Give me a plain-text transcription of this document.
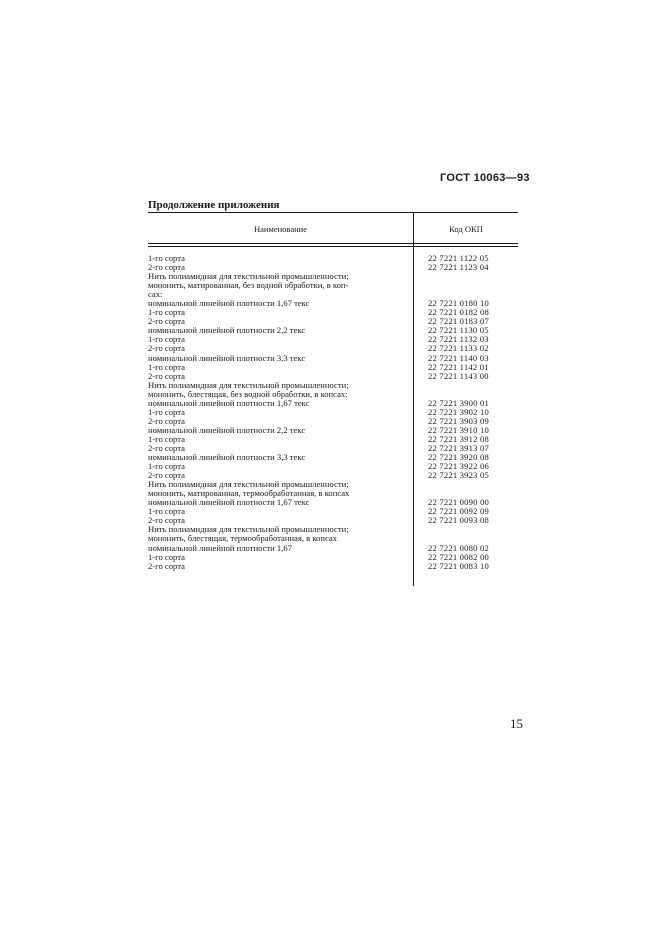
ГОСТ 10063—93
Продолжение приложения
Наименование	Код ОКП
1-го сорта	22 7221 1122 05
2-го сорта	22 7221 1123 04
Нить полиамидная для текстильной промышленности;
мононить, матированная, без водной обработки, в коп-
сах:
номинальной линейной плотности 1,67 текс	22 7221 0180 10
1-го сорта	22 7221 0182 08
2-го сорта	22 7221 0183 07
номинальной линейной плотности 2,2 текс	22 7221 1130 05
1-го сорта	22 7221 1132 03
2-го сорта	22 7221 1133 02
номинальной линейной плотности 3,3 текс	22 7221 1140 03
1-го сорта	22 7221 1142 01
2-го сорта	22 7221 1143 00
Нить полиамидная для текстильной промышленности;
мононить, блестящая, без водной обработки, в копсах:
номинальной линейной плотности 1,67 текс	22 7221 3900 01
1-го сорта	22 7221 3902 10
2-го сорта	22 7221 3903 09
номинальной линейной плотности 2,2 текс	22 7221 3910 10
1-го сорта	22 7221 3912 08
2-го сорта	22 7221 3913 07
номинальной линейной плотности 3,3 текс	22 7221 3920 08
1-го сорта	22 7221 3922 06
2-го сорта	22 7221 3923 05
Нить полиамидная для текстильной промышленности;
мононить, матированная, термообработанная, в копсах
номинальной линейной плотности 1,67 текс	22 7221 0090 00
1-го сорта	22 7221 0092 09
2-го сорта	22 7221 0093 08
Нить полиамидная для текстильной промышленности;
мононить, блестящая, термообработанная, в копсах
номинальной линейной плотности 1,67	22 7221 0080 02
1-го сорта	22 7221 0082 00
2-го сорта	22 7221 0083 10
15
